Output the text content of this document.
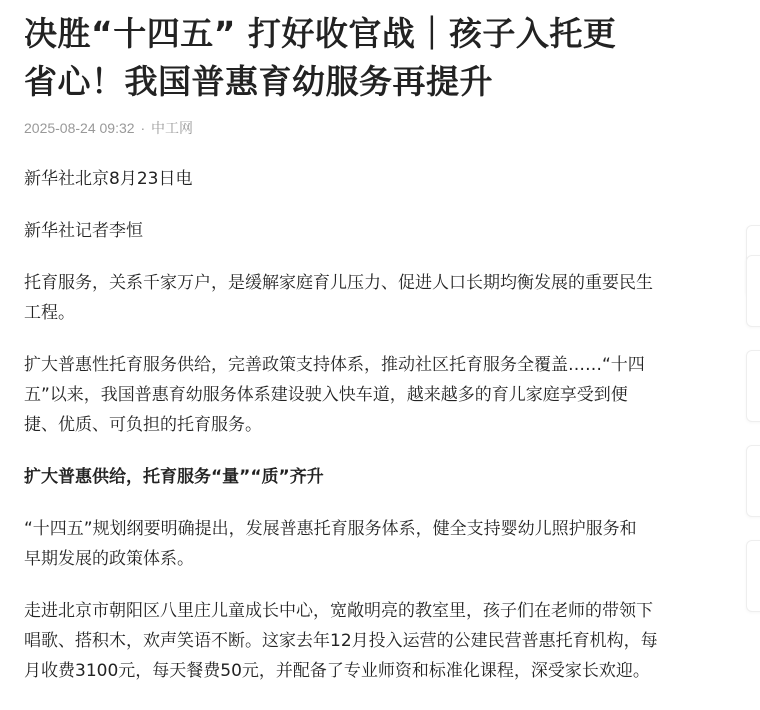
决胜“十四五” 打好收官战｜孩子入托更
省心！我国普惠育幼服务再提升
2025-08-24 09:32 · 中工网

新华社北京8月23日电

新华社记者李恒

托育服务，关系千家万户，是缓解家庭育儿压力、促进人口长期均衡发展的重要民生
工程。

扩大普惠性托育服务供给，完善政策支持体系，推动社区托育服务全覆盖……“十四
五”以来，我国普惠育幼服务体系建设驶入快车道，越来越多的育儿家庭享受到便
捷、优质、可负担的托育服务。

扩大普惠供给，托育服务“量”“质”齐升

“十四五”规划纲要明确提出，发展普惠托育服务体系，健全支持婴幼儿照护服务和
早期发展的政策体系。

走进北京市朝阳区八里庄儿童成长中心，宽敞明亮的教室里，孩子们在老师的带领下
唱歌、搭积木，欢声笑语不断。这家去年12月投入运营的公建民营普惠托育机构，每
月收费3100元，每天餐费50元，并配备了专业师资和标准化课程，深受家长欢迎。
